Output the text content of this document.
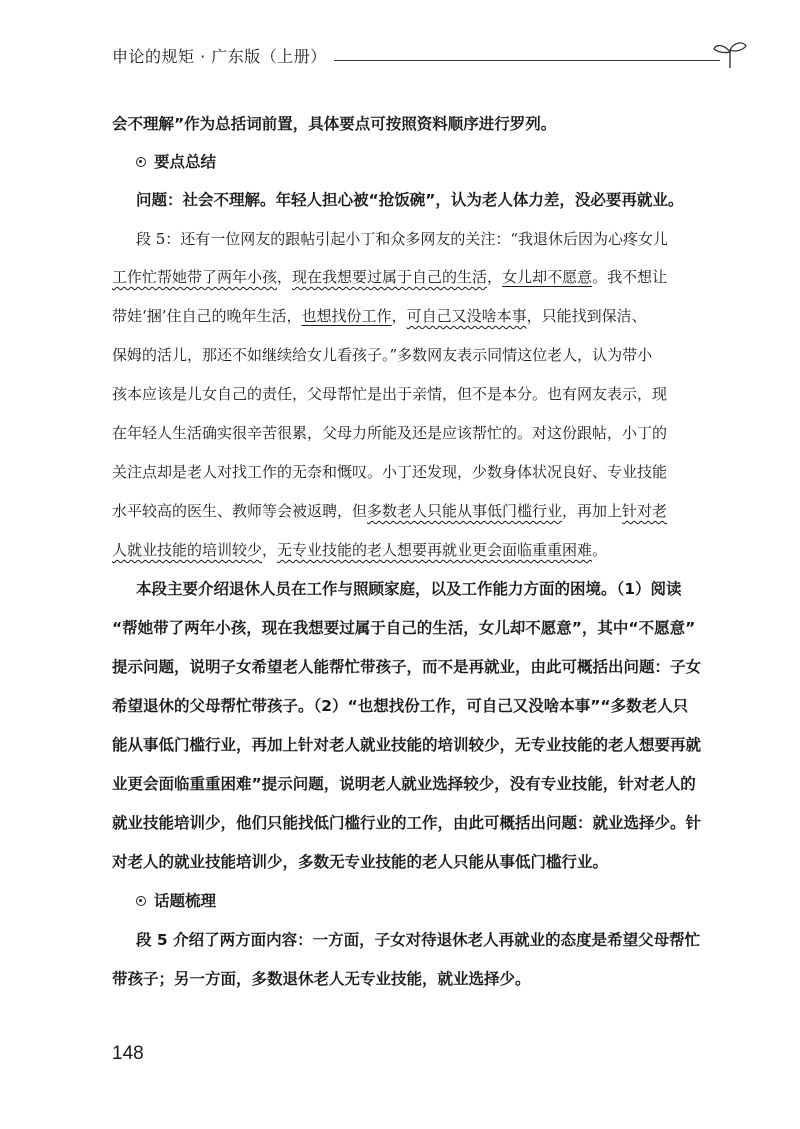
申论的规矩 · 广东版（上册）
会不理解”作为总括词前置，具体要点可按照资料顺序进行罗列。
要点总结
问题：社会不理解。年轻人担心被“抢饭碗”，认为老人体力差，没必要再就业。
段 5：还有一位网友的跟帖引起小丁和众多网友的关注：“我退休后因为心疼女儿
工作忙帮她带了两年小孩，现在我想要过属于自己的生活，女儿却不愿意。我不想让
带娃‘捆’住自己的晚年生活，也想找份工作，可自己又没啥本事，只能找到保洁、
保姆的活儿，那还不如继续给女儿看孩子。”多数网友表示同情这位老人，认为带小
孩本应该是儿女自己的责任，父母帮忙是出于亲情，但不是本分。也有网友表示，现
在年轻人生活确实很辛苦很累，父母力所能及还是应该帮忙的。对这份跟帖，小丁的
关注点却是老人对找工作的无奈和慨叹。小丁还发现，少数身体状况良好、专业技能
水平较高的医生、教师等会被返聘，但多数老人只能从事低门槛行业，再加上针对老
人就业技能的培训较少，无专业技能的老人想要再就业更会面临重重困难。
本段主要介绍退休人员在工作与照顾家庭，以及工作能力方面的困境。（1）阅读
“帮她带了两年小孩，现在我想要过属于自己的生活，女儿却不愿意”，其中“不愿意”
提示问题，说明子女希望老人能帮忙带孩子，而不是再就业，由此可概括出问题：子女
希望退休的父母帮忙带孩子。（2）“也想找份工作，可自己又没啥本事”“多数老人只
能从事低门槛行业，再加上针对老人就业技能的培训较少，无专业技能的老人想要再就
业更会面临重重困难”提示问题，说明老人就业选择较少，没有专业技能，针对老人的
就业技能培训少，他们只能找低门槛行业的工作，由此可概括出问题：就业选择少。针
对老人的就业技能培训少，多数无专业技能的老人只能从事低门槛行业。
话题梳理
段 5 介绍了两方面内容：一方面，子女对待退休老人再就业的态度是希望父母帮忙
带孩子；另一方面，多数退休老人无专业技能，就业选择少。
148
